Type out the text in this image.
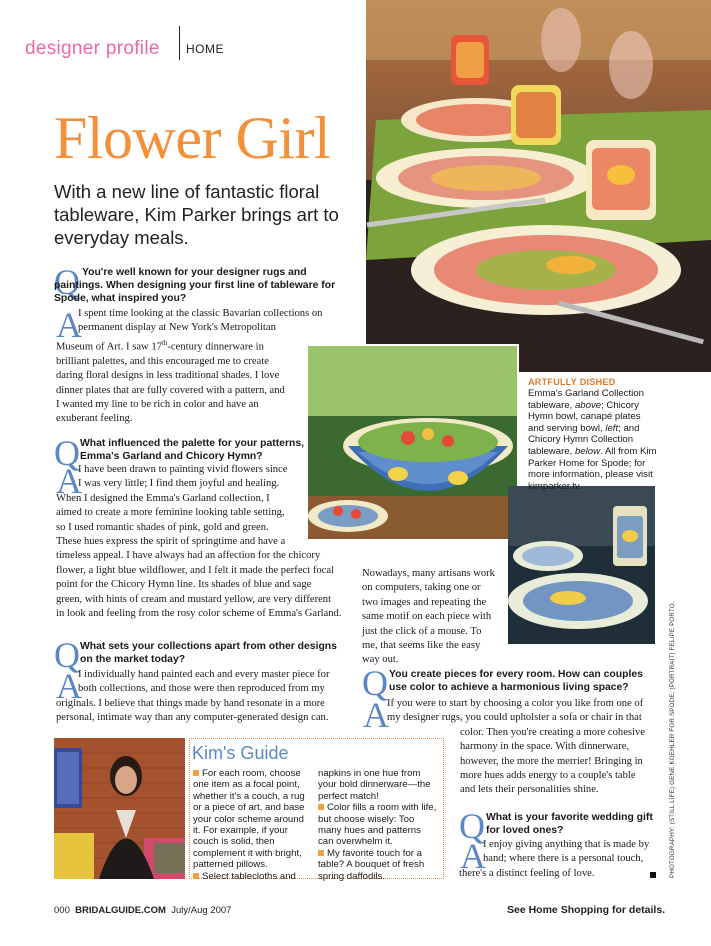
designer profile HOME
Flower Girl
With a new line of fantastic floral tableware, Kim Parker brings art to everyday meals.
ARTFULLY DISHED
Emma's Garland Collection tableware, above; Chicory Hymn bowl, canapé plates and serving bowl, left; and Chicory Hymn Collection tableware, below. All from Kim Parker Home for Spode; for more information, please visit kimparker.tv.
PHOTOGRAPHY: (STILL LIFE) GENE KOEHLER FOR SPODE; (PORTRAIT) FELIPE PORTO.
Q You're well known for your designer rugs and paintings. When designing your first line of tableware for Spode, what inspired you?
A
I spent time looking at the classic Bavarian collections on
permanent display at New York's Metropolitan
Museum of Art. I saw 17th-century dinnerware in
brilliant palettes, and this encouraged me to create
daring floral designs in less traditional shades. I love
dinner plates that are fully covered with a pattern, and
I wanted my line to be rich in color and have an
exuberant feeling.
Q What influenced the palette for your patterns, Emma's Garland and Chicory Hymn?
A
I have been drawn to painting vivid flowers since
I was very little; I find them joyful and healing.
When I designed the Emma's Garland collection, I
aimed to create a more feminine looking table setting,
so I used romantic shades of pink, gold and green.
These hues express the spirit of springtime and have a
timeless appeal. I have always had an affection for the chicory
flower, a light blue wildflower, and I felt it made the perfect focal
point for the Chicory Hymn line. Its shades of blue and sage
green, with hints of cream and mustard yellow, are very different
in look and feeling from the rosy color scheme of Emma's Garland.
Nowadays, many artisans work
on computers, taking one or
two images and repeating the
same motif on each piece with
just the click of a mouse. To
me, that seems like the easy
way out.
Q What sets your collections apart from other designs on the market today?
A
I individually hand painted each and every master piece for
both collections, and those were then reproduced from my
originals. I believe that things made by hand resonate in a more
personal, intimate way than any computer-generated design can.
Q You create pieces for every room. How can couples use color to achieve a harmonious living space?
A
If you were to start by choosing a color you like from one of
my designer rugs, you could upholster a sofa or chair in that
color. Then you're creating a more cohesive
harmony in the space. With dinnerware,
however, the more the merrier! Bringing in
more hues adds energy to a couple's table
and lets their personalities shine.
Q What is your favorite wedding gift for loved ones?
A
I enjoy giving anything that is made by
hand; where there is a personal touch,
there's a distinct feeling of love.
Kim's Guide
For each room, choose one item as a focal point, whether it's a couch, a rug or a piece of art, and base your color scheme around it. For example, if your couch is solid, then complement it with bright, patterned pillows.
Select tablecloths and
napkins in one hue from your bold dinnerware—the perfect match!
Color fills a room with life, but choose wisely: Too many hues and patterns can overwhelm it.
My favorite touch for a table? A bouquet of fresh spring daffodils.
000 BRIDALGUIDE.COM July/Aug 2007	See Home Shopping for details.
